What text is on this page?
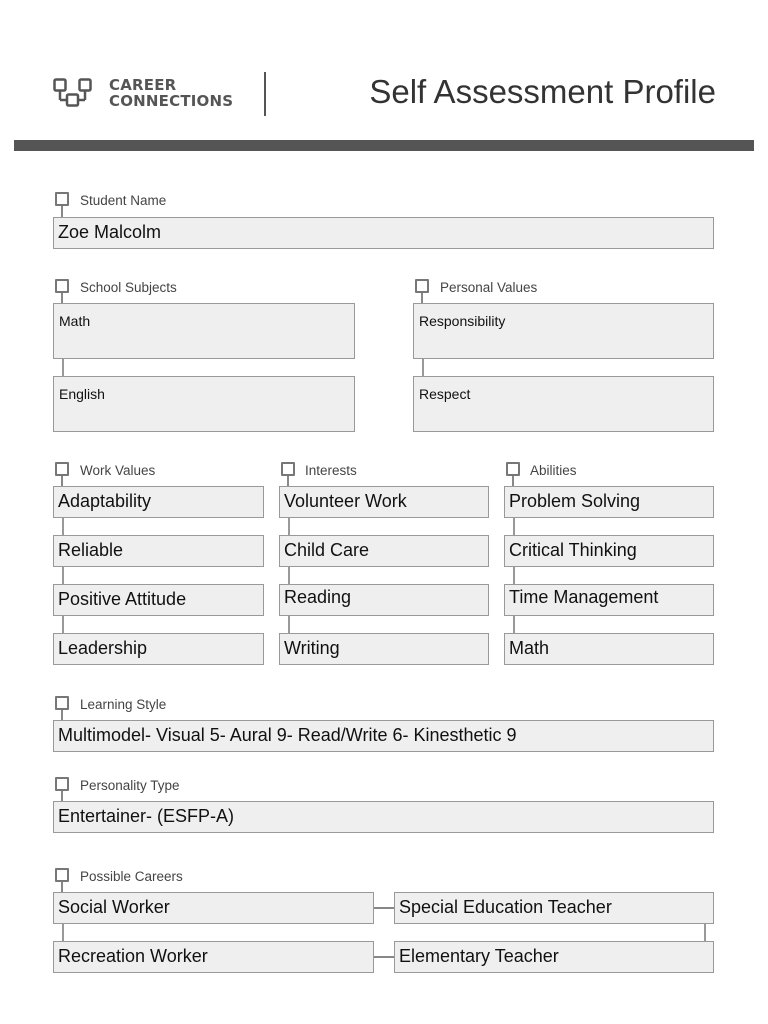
CAREER
CONNECTIONS	Self Assessment Profile
Student Name
Zoe Malcolm
School Subjects
Math
English
Personal Values
Responsibility
Respect
Work Values
Adaptability
Reliable
Positive Attitude
Leadership
Interests
Volunteer Work
Child Care
Reading
Writing
Abilities
Problem Solving
Critical Thinking
Time Management
Math
Learning Style
Multimodel- Visual 5- Aural 9- Read/Write 6- Kinesthetic 9
Personality Type
Entertainer- (ESFP-A)
Possible Careers
Social Worker	Special Education Teacher
Recreation Worker	Elementary Teacher
